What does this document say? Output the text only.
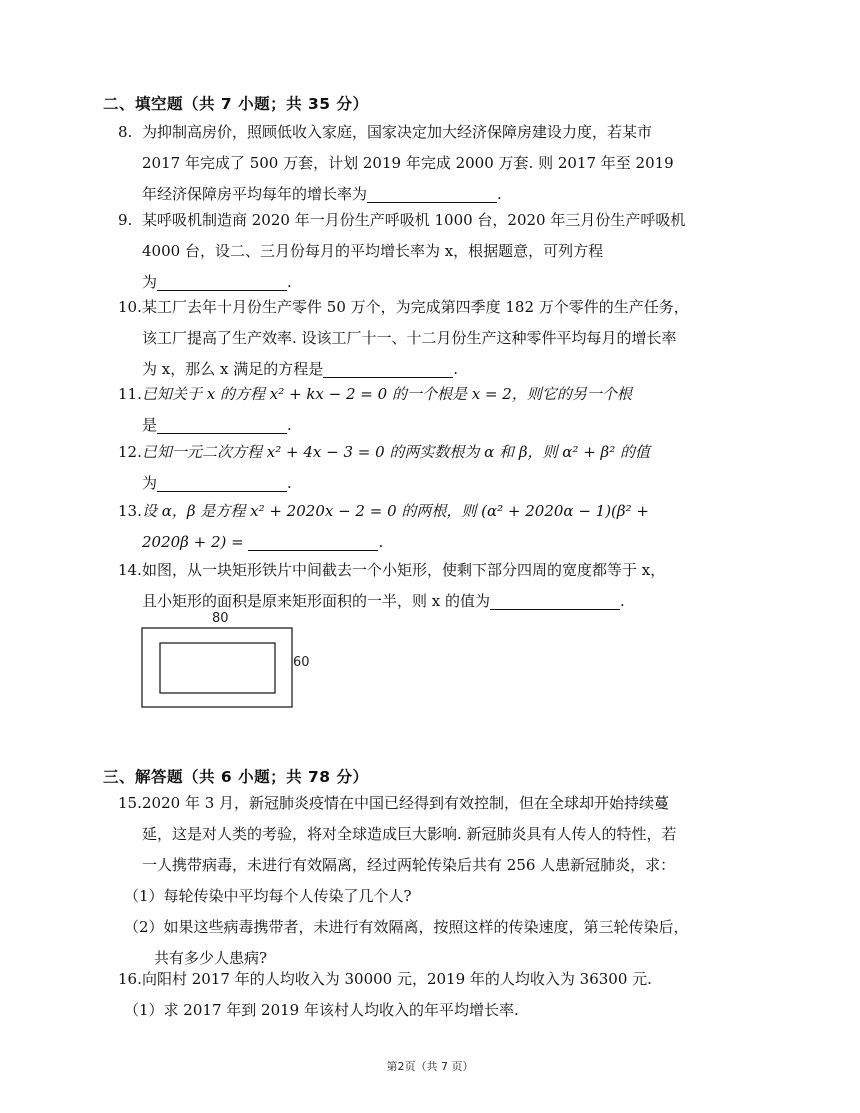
二、填空题（共 7 小题；共 35 分）
8. 为抑制高房价，照顾低收入家庭，国家决定加大经济保障房建设力度，若某市
2017 年完成了 500 万套，计划 2019 年完成 2000 万套. 则 2017 年至 2019
年经济保障房平均每年的增长率为	.
9. 某呼吸机制造商 2020 年一月份生产呼吸机 1000 台，2020 年三月份生产呼吸机
4000 台，设二、三月份每月的平均增长率为 x，根据题意，可列方程
为	.
10.某工厂去年十月份生产零件 50 万个，为完成第四季度 182 万个零件的生产任务，
该工厂提高了生产效率. 设该工厂十一、十二月份生产这种零件平均每月的增长率
为 x，那么 x 满足的方程是	.
11.已知关于 x 的方程 x² + kx − 2 = 0 的一个根是 x = 2，则它的另一个根
是	.
12.已知一元二次方程 x² + 4x − 3 = 0 的两实数根为 α 和 β，则 α² + β² 的值
为	.
13.设 α，β 是方程 x² + 2020x − 2 = 0 的两根，则 (α² + 2020α − 1)(β² +
2020β + 2) =	.
14.如图，从一块矩形铁片中间截去一个小矩形，使剩下部分四周的宽度都等于 x，
且小矩形的面积是原来矩形面积的一半，则 x 的值为	.
80
60
三、解答题（共 6 小题；共 78 分）
15.2020 年 3 月，新冠肺炎疫情在中国已经得到有效控制，但在全球却开始持续蔓
延，这是对人类的考验，将对全球造成巨大影响. 新冠肺炎具有人传人的特性，若
一人携带病毒，未进行有效隔离，经过两轮传染后共有 256 人患新冠肺炎，求：
（1）每轮传染中平均每个人传染了几个人?
（2）如果这些病毒携带者，未进行有效隔离，按照这样的传染速度，第三轮传染后，
共有多少人患病?
16.向阳村 2017 年的人均收入为 30000 元，2019 年的人均收入为 36300 元.
（1）求 2017 年到 2019 年该村人均收入的年平均增长率.
第2页（共 7 页）
